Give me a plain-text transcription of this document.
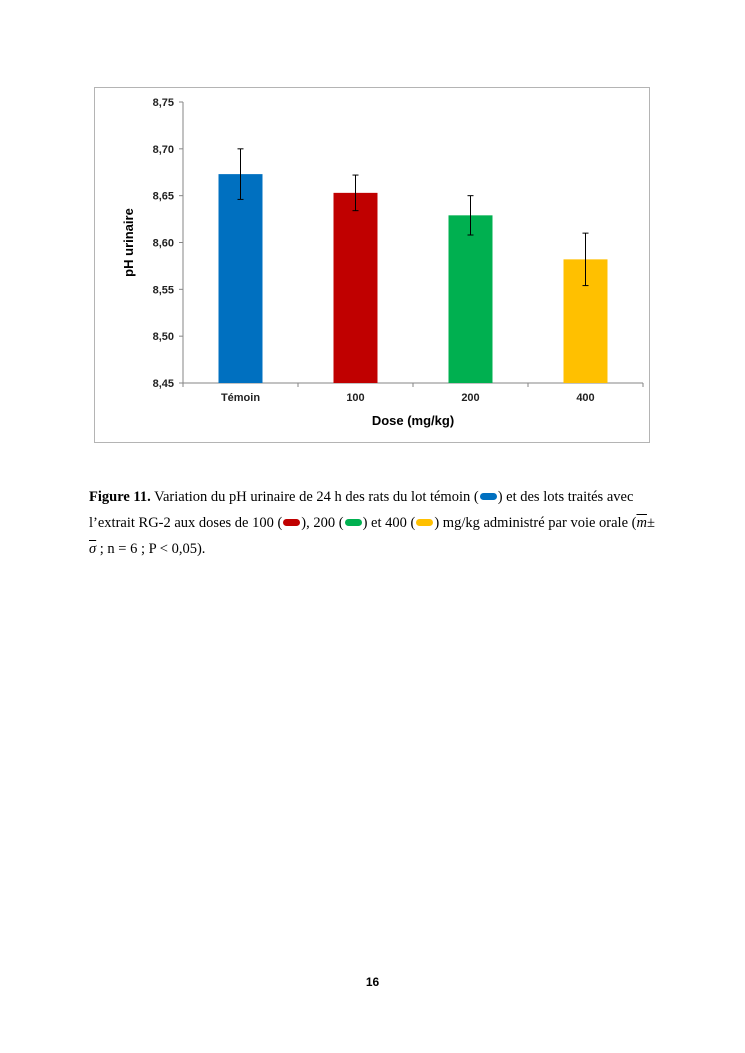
8,45
8,50
8,55
8,60
8,65
8,70
8,75
Témoin	100	200	400
Dose (mg/kg)
pH urinaire
Figure 11. Variation du pH urinaire de 24 h des rats du lot témoin ( ) et des lots traités avec l’extrait RG-2 aux doses de 100 ( ), 200 ( ) et 400 ( ) mg/kg administré par voie orale ($\overline{m}\pm \overline{\sigma}$ ; n = 6 ; P < 0,05).
16
